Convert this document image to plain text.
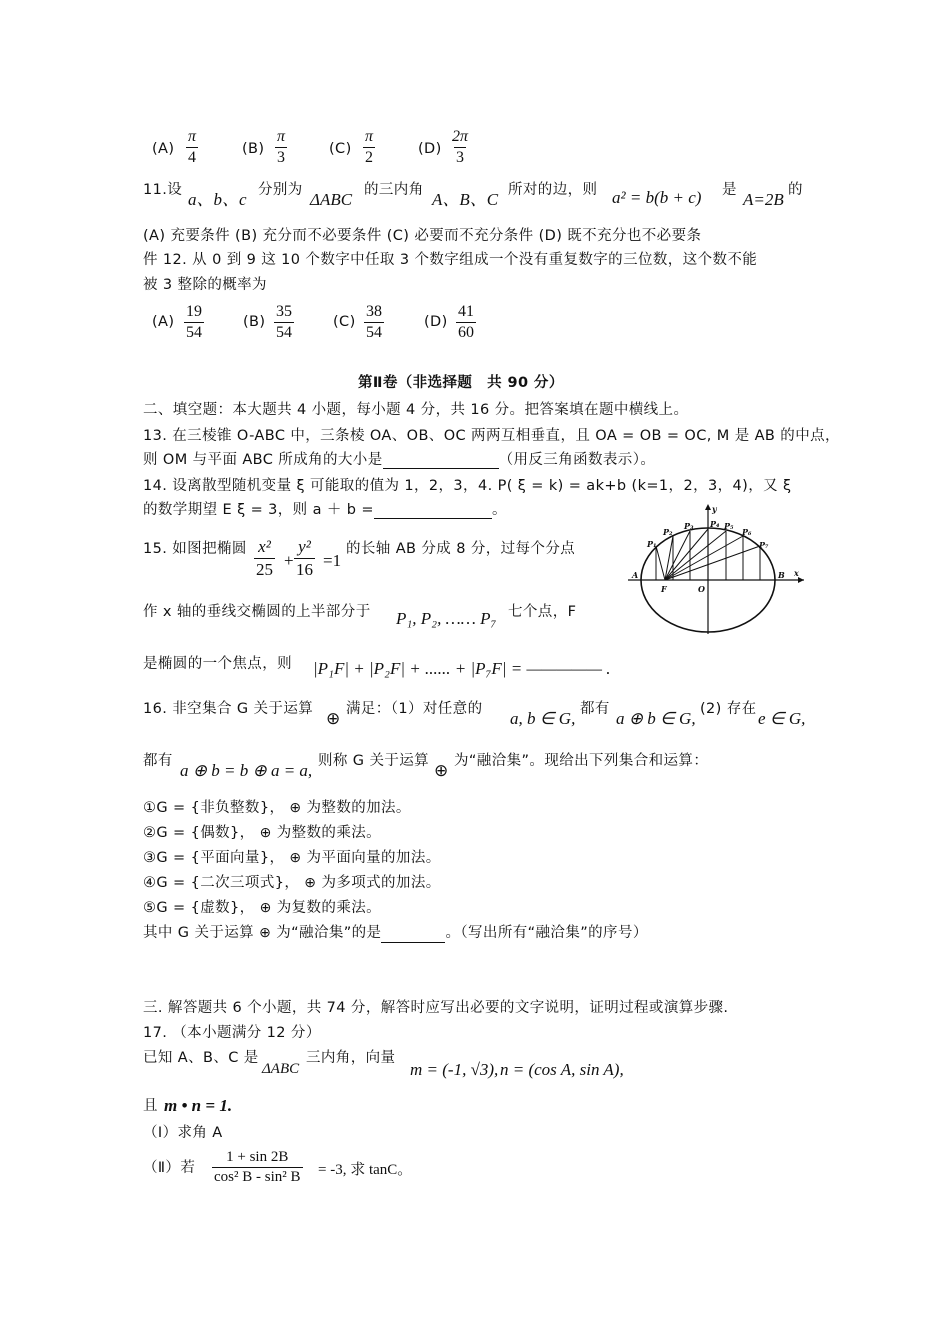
$(A) \frac{\pi}{4}$	$(B) \frac{\pi}{3}$	$(C) \frac{\pi}{2}$	$(D) \frac{2\pi}{3}$
11.设 a、b、c 分别为 ΔABC 的三内角 A、B、C 所对的边，则 a² = b(b + c) 是 A=2B 的
(A) 充要条件 (B) 充分而不必要条件 (C) 必要而不充分条件 (D) 既不充分也不必要条
件 12. 从 0 到 9 这 10 个数字中任取 3 个数字组成一个没有重复数字的三位数，这个数不能
被 3 整除的概率为
$(A) \frac{19}{54}$	$(B) \frac{35}{54}$	$(C) \frac{38}{54}$	$(D) \frac{41}{60}$
第Ⅱ卷（非选择题　共 90 分）
二、填空题：本大题共 4 小题，每小题 4 分，共 16 分。把答案填在题中横线上。
13. 在三棱锥 O-ABC 中，三条棱 OA、OB、OC 两两互相垂直，且 OA = OB = OC, M 是 AB 的中点，
则 OM 与平面 ABC 所成角的大小是	（用反三角函数表示）。
14. 设离散型随机变量 ξ 可能取的值为 1，2，3，4. P( ξ = k) = ak+b (k=1，2，3，4)，又 ξ
的数学期望 E ξ = 3，则 a ＋ b =	。
15. 如图把椭圆 $\frac{\text{x²}}{25} + \frac{\text{y²}}{16} =1$
的长轴 AB 分成 8 分，过每个分点
作 x 轴的垂线交椭圆的上半部分于 P₁, P₂, …… P₇ 七个点，F
是椭圆的一个焦点，则 |P₁F| + |P₂F| + ...... + |P₇F| = ————— .
y
x
A	B
F	O
P₁
P₂
P₃ P₄ P₅
P₆
P₇
16. 非空集合 G 关于运算 ⊕ 满足：（1）对任意的 a, b ∈ G, 都有 a ⊕ b ∈ G, (2) 存在 e ∈ G,
都有 a ⊕ b = b ⊕ a = a, 则称 G 关于运算 ⊕ 为“融洽集”。现给出下列集合和运算：
①G = {非负整数}， ⊕ 为整数的加法。
②G = {偶数}， ⊕ 为整数的乘法。
③G = {平面向量}， ⊕ 为平面向量的加法。
④G = {二次三项式}， ⊕ 为多项式的加法。
⑤G = {虚数}， ⊕ 为复数的乘法。
其中 G 关于运算 ⊕ 为“融洽集”的是	。（写出所有“融洽集”的序号）
三. 解答题共 6 个小题，共 74 分，解答时应写出必要的文字说明，证明过程或演算步骤.
17. （本小题满分 12 分）
已知 A、B、C 是
ΔABC
三内角，向量
m = (-1, √3), n = (cos A, sin A),
且 m • n = 1.
（Ⅰ）求角 A
（Ⅱ）若 $\frac{1 + \sin 2B}{\text{cos² B - sin² B}} = -3$, 求 tanC。
